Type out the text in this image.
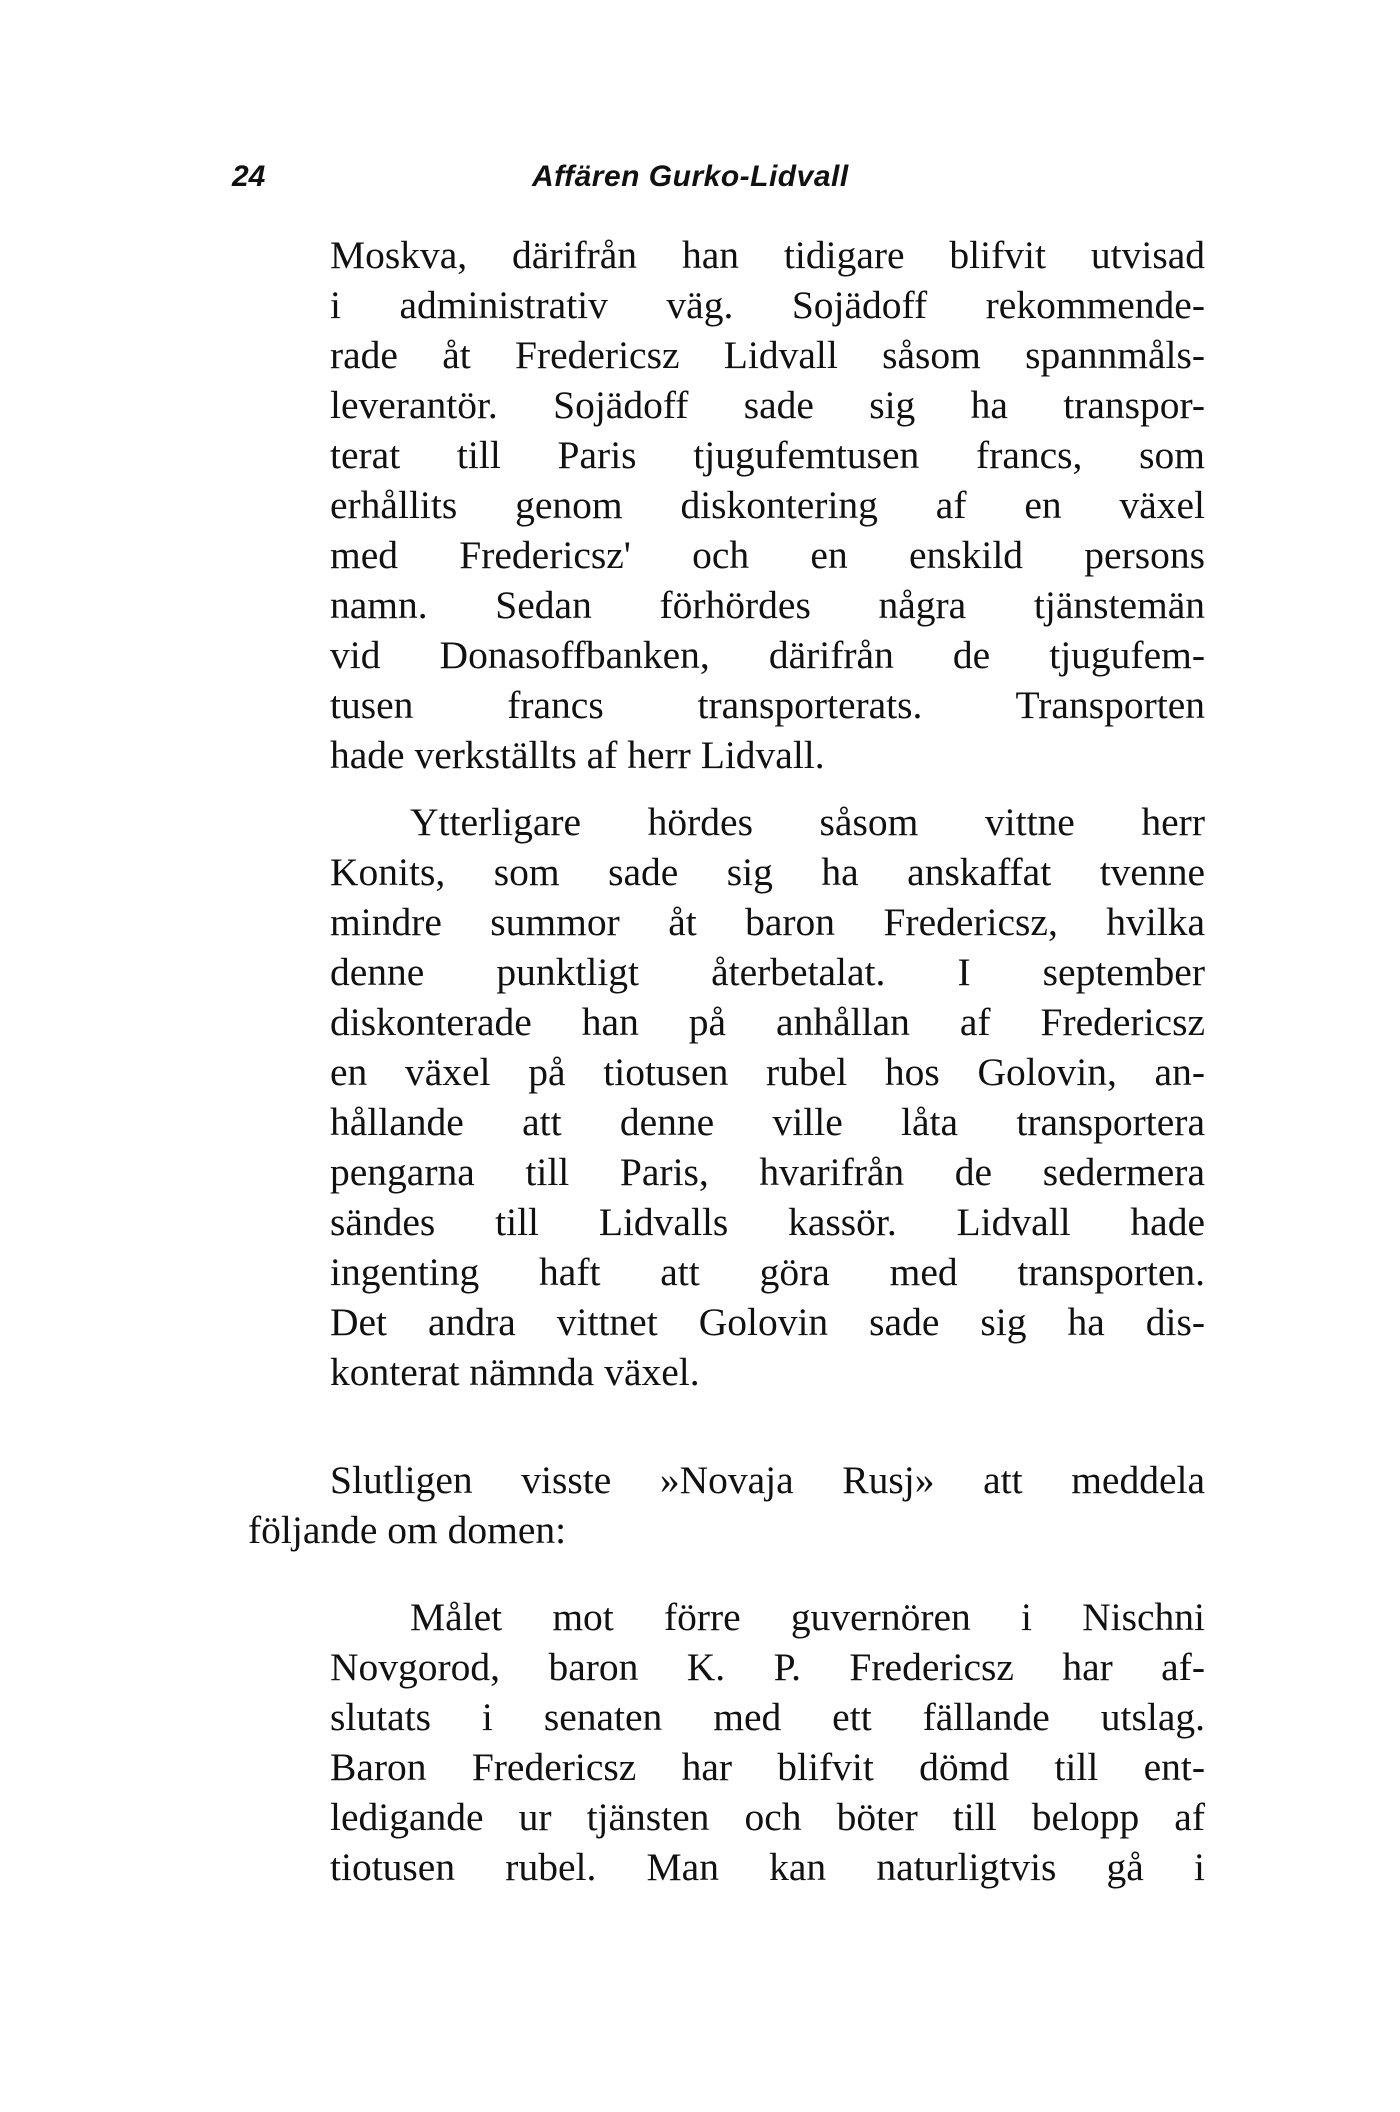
24	Affären Gurko-Lidvall
Moskva, därifrån han tidigare blifvit utvisad
i administrativ väg. Sojädoff rekommende-
rade åt Fredericsz Lidvall såsom spannmåls-
leverantör. Sojädoff sade sig ha transpor-
terat till Paris tjugufemtusen francs, som
erhållits genom diskontering af en växel
med Fredericsz' och en enskild persons
namn. Sedan förhördes några tjänstemän
vid Donasoffbanken, därifrån de tjugufem-
tusen francs transporterats. Transporten
hade verkställts af herr Lidvall.
Ytterligare hördes såsom vittne herr
Konits, som sade sig ha anskaffat tvenne
mindre summor åt baron Fredericsz, hvilka
denne punktligt återbetalat. I september
diskonterade han på anhållan af Fredericsz
en växel på tiotusen rubel hos Golovin, an-
hållande att denne ville låta transportera
pengarna till Paris, hvarifrån de sedermera
sändes till Lidvalls kassör. Lidvall hade
ingenting haft att göra med transporten.
Det andra vittnet Golovin sade sig ha dis-
konterat nämnda växel.
Slutligen visste »Novaja Rusj» att meddela
följande om domen:
Målet mot förre guvernören i Nischni
Novgorod, baron K. P. Fredericsz har af-
slutats i senaten med ett fällande utslag.
Baron Fredericsz har blifvit dömd till ent-
ledigande ur tjänsten och böter till belopp af
tiotusen rubel. Man kan naturligtvis gå i
